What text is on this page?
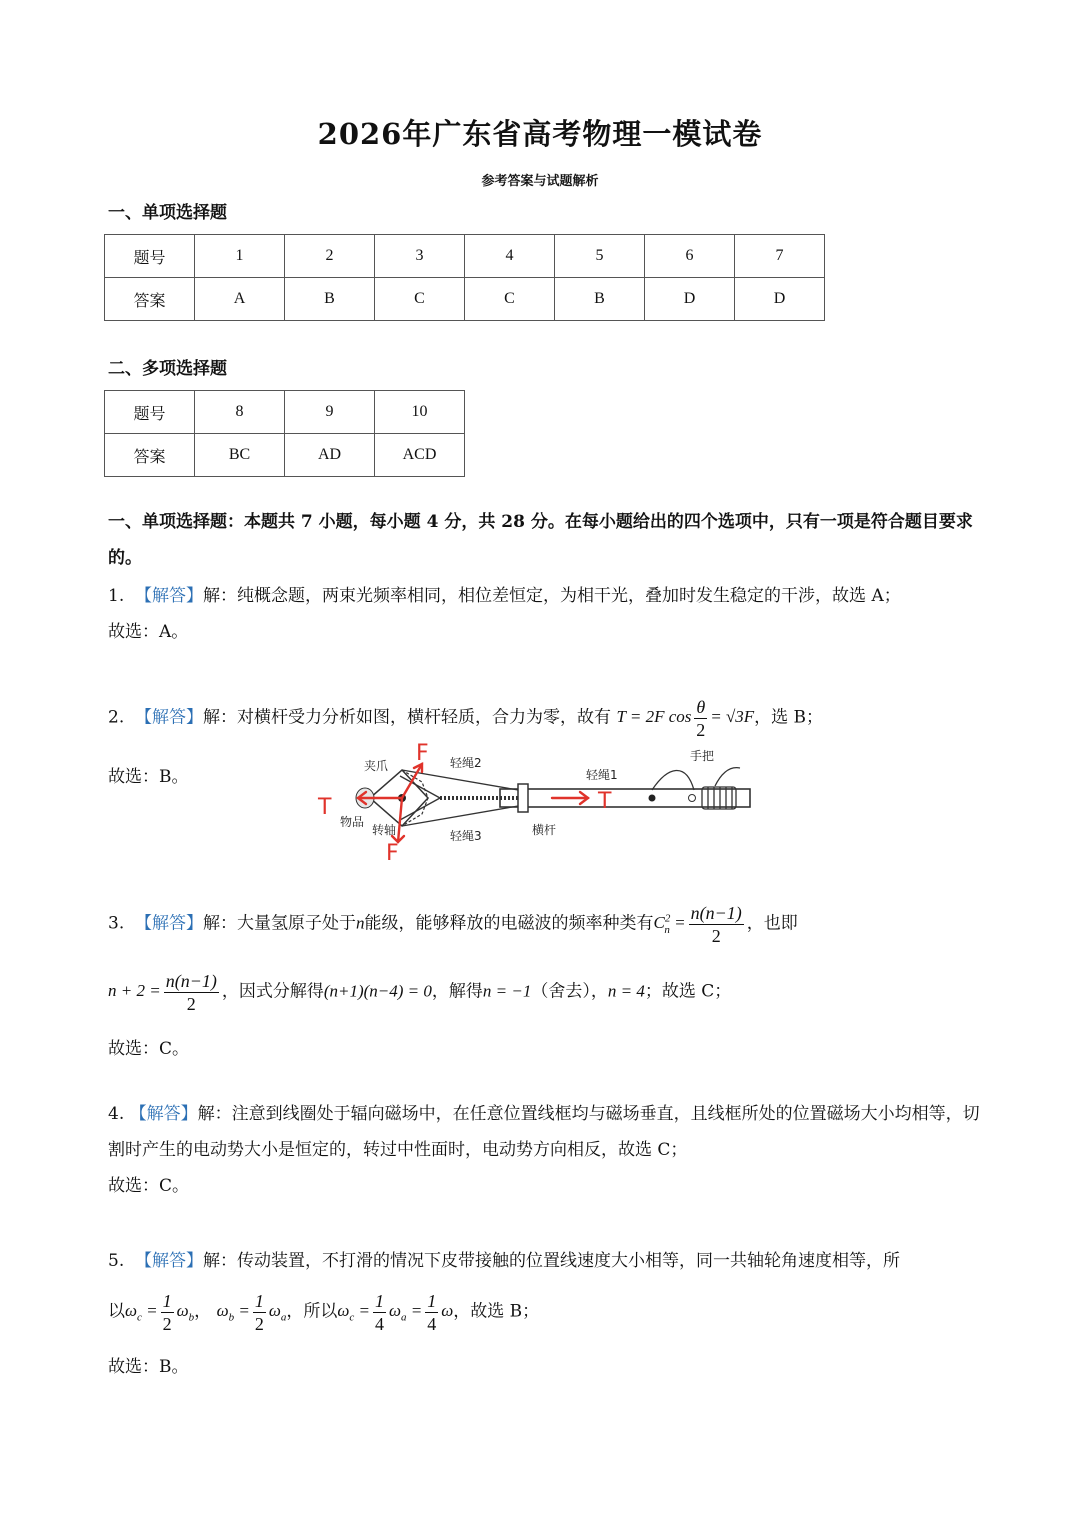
2026年广东省高考物理一模试卷
参考答案与试题解析
一、单项选择题
题号	1	2	3	4	5	6	7
答案	A	B	C	C	B	D	D
二、多项选择题
题号	8	9	10
答案	BC	AD	ACD
一、单项选择题：本题共 7 小题，每小题 4 分，共 28 分。在每小题给出的四个选项中，只有一项是符合题目要求的。
1. 【解答】解：纯概念题，两束光频率相同，相位差恒定，为相干光，叠加时发生稳定的干涉，故选 A；
故选：A。
2. 【解答】解：对横杆受力分析如图，横杆轻质，合力为零，故有 T = 2F $\cos \frac{\theta}{2} = √3F$，选 B；
故选：B。
夹爪	轻绳2	手把
轻绳1
物品
转轴	轻绳3	横杆
F
F
T	T
3. 【解答】解：大量氢原子处于n能级，能够释放的电磁波的频率种类有$C^2_n = \frac{n(n-1)}{2}$ ，也即
$n + 2 = \frac{n(n-1)}{2}$ ，因式分解得(n+1)(n−4) = 0，解得n = −1（舍去），n = 4；故选 C；
故选：C。
4. 【解答】解：注意到线圈处于辐向磁场中，在任意位置线框均与磁场垂直，且线框所处的位置磁场大小均相等，切割时产生的电动势大小是恒定的，转过中性面时，电动势方向相反，故选 C；
故选：C。
5. 【解答】解：传动装置，不打滑的情况下皮带接触的位置线速度大小相等，同一共轴轮角速度相等，所
以$\omega_c = \frac{1}{2} \omega_b$， $\omega_b = \frac{1}{2} \omega_a$，所以$\omega_c = \frac{1}{4} \omega_a = \frac{1}{4}$ ω，故选 B；
故选：B。
